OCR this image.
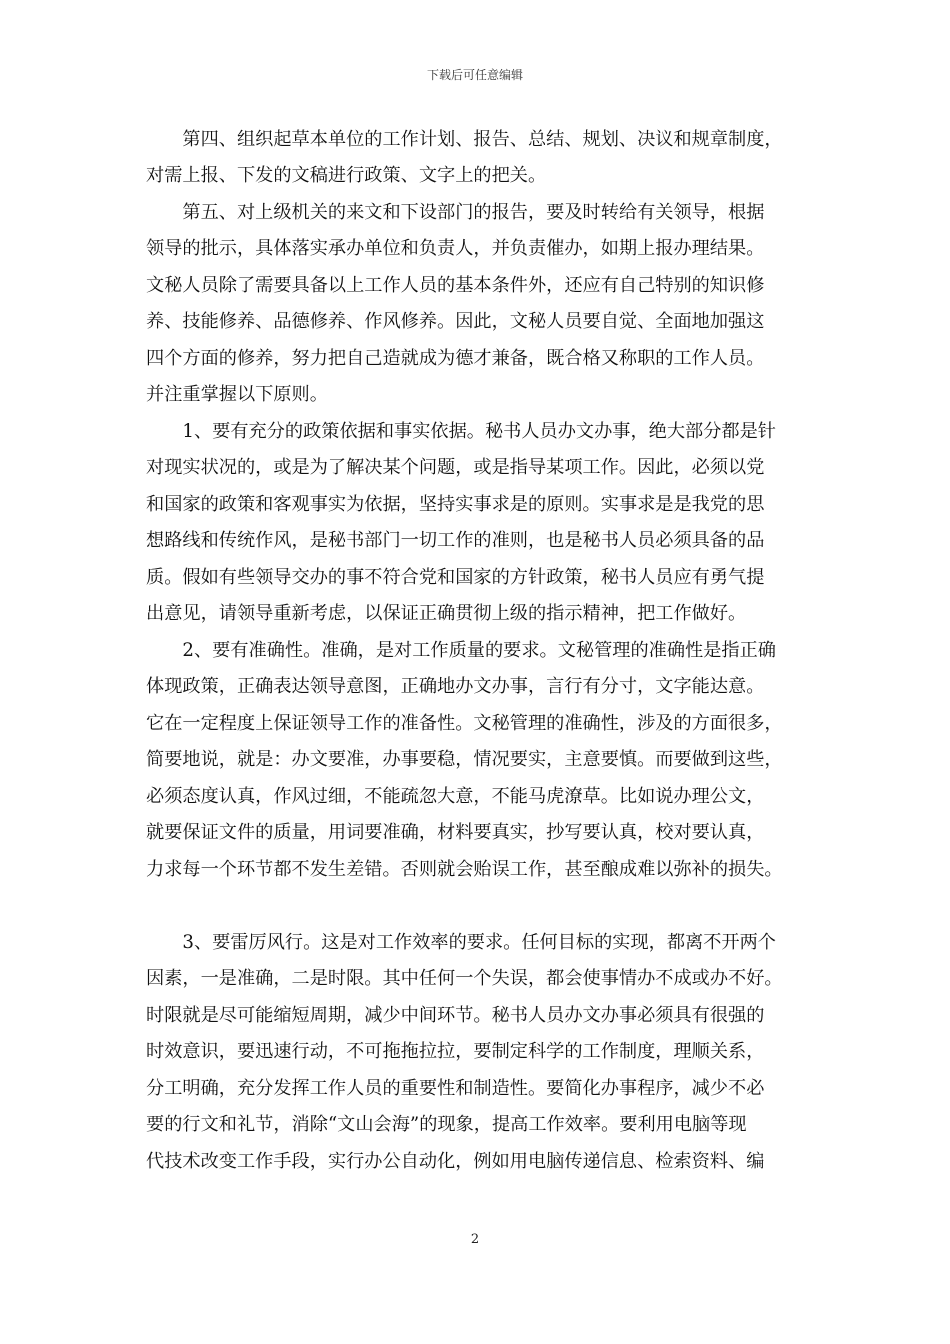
下载后可任意编辑
　　第四、组织起草本单位的工作计划、报告、总结、规划、决议和规章制度，
对需上报、下发的文稿进行政策、文字上的把关。
　　第五、对上级机关的来文和下设部门的报告，要及时转给有关领导，根据
领导的批示，具体落实承办单位和负责人，并负责催办，如期上报办理结果。
文秘人员除了需要具备以上工作人员的基本条件外，还应有自己特别的知识修
养、技能修养、品德修养、作风修养。因此，文秘人员要自觉、全面地加强这
四个方面的修养，努力把自己造就成为德才兼备，既合格又称职的工作人员。
并注重掌握以下原则。
　　1、要有充分的政策依据和事实依据。秘书人员办文办事，绝大部分都是针
对现实状况的，或是为了解决某个问题，或是指导某项工作。因此，必须以党
和国家的政策和客观事实为依据，坚持实事求是的原则。实事求是是我党的思
想路线和传统作风，是秘书部门一切工作的准则，也是秘书人员必须具备的品
质。假如有些领导交办的事不符合党和国家的方针政策，秘书人员应有勇气提
出意见，请领导重新考虑，以保证正确贯彻上级的指示精神，把工作做好。
　　2、要有准确性。准确，是对工作质量的要求。文秘管理的准确性是指正确
体现政策，正确表达领导意图，正确地办文办事，言行有分寸，文字能达意。
它在一定程度上保证领导工作的准备性。文秘管理的准确性，涉及的方面很多，
简要地说，就是：办文要准，办事要稳，情况要实，主意要慎。而要做到这些，
必须态度认真，作风过细，不能疏忽大意，不能马虎潦草。比如说办理公文，
就要保证文件的质量，用词要准确，材料要真实，抄写要认真，校对要认真，
力求每一个环节都不发生差错。否则就会贻误工作，甚至酿成难以弥补的损失。
　　3、要雷厉风行。这是对工作效率的要求。任何目标的实现，都离不开两个
因素，一是准确，二是时限。其中任何一个失误，都会使事情办不成或办不好。
时限就是尽可能缩短周期，减少中间环节。秘书人员办文办事必须具有很强的
时效意识，要迅速行动，不可拖拖拉拉，要制定科学的工作制度，理顺关系，
分工明确，充分发挥工作人员的重要性和制造性。要简化办事程序，减少不必
要的行文和礼节，消除“文山会海”的现象，提高工作效率。要利用电脑等现
代技术改变工作手段，实行办公自动化，例如用电脑传递信息、检索资料、编
2
